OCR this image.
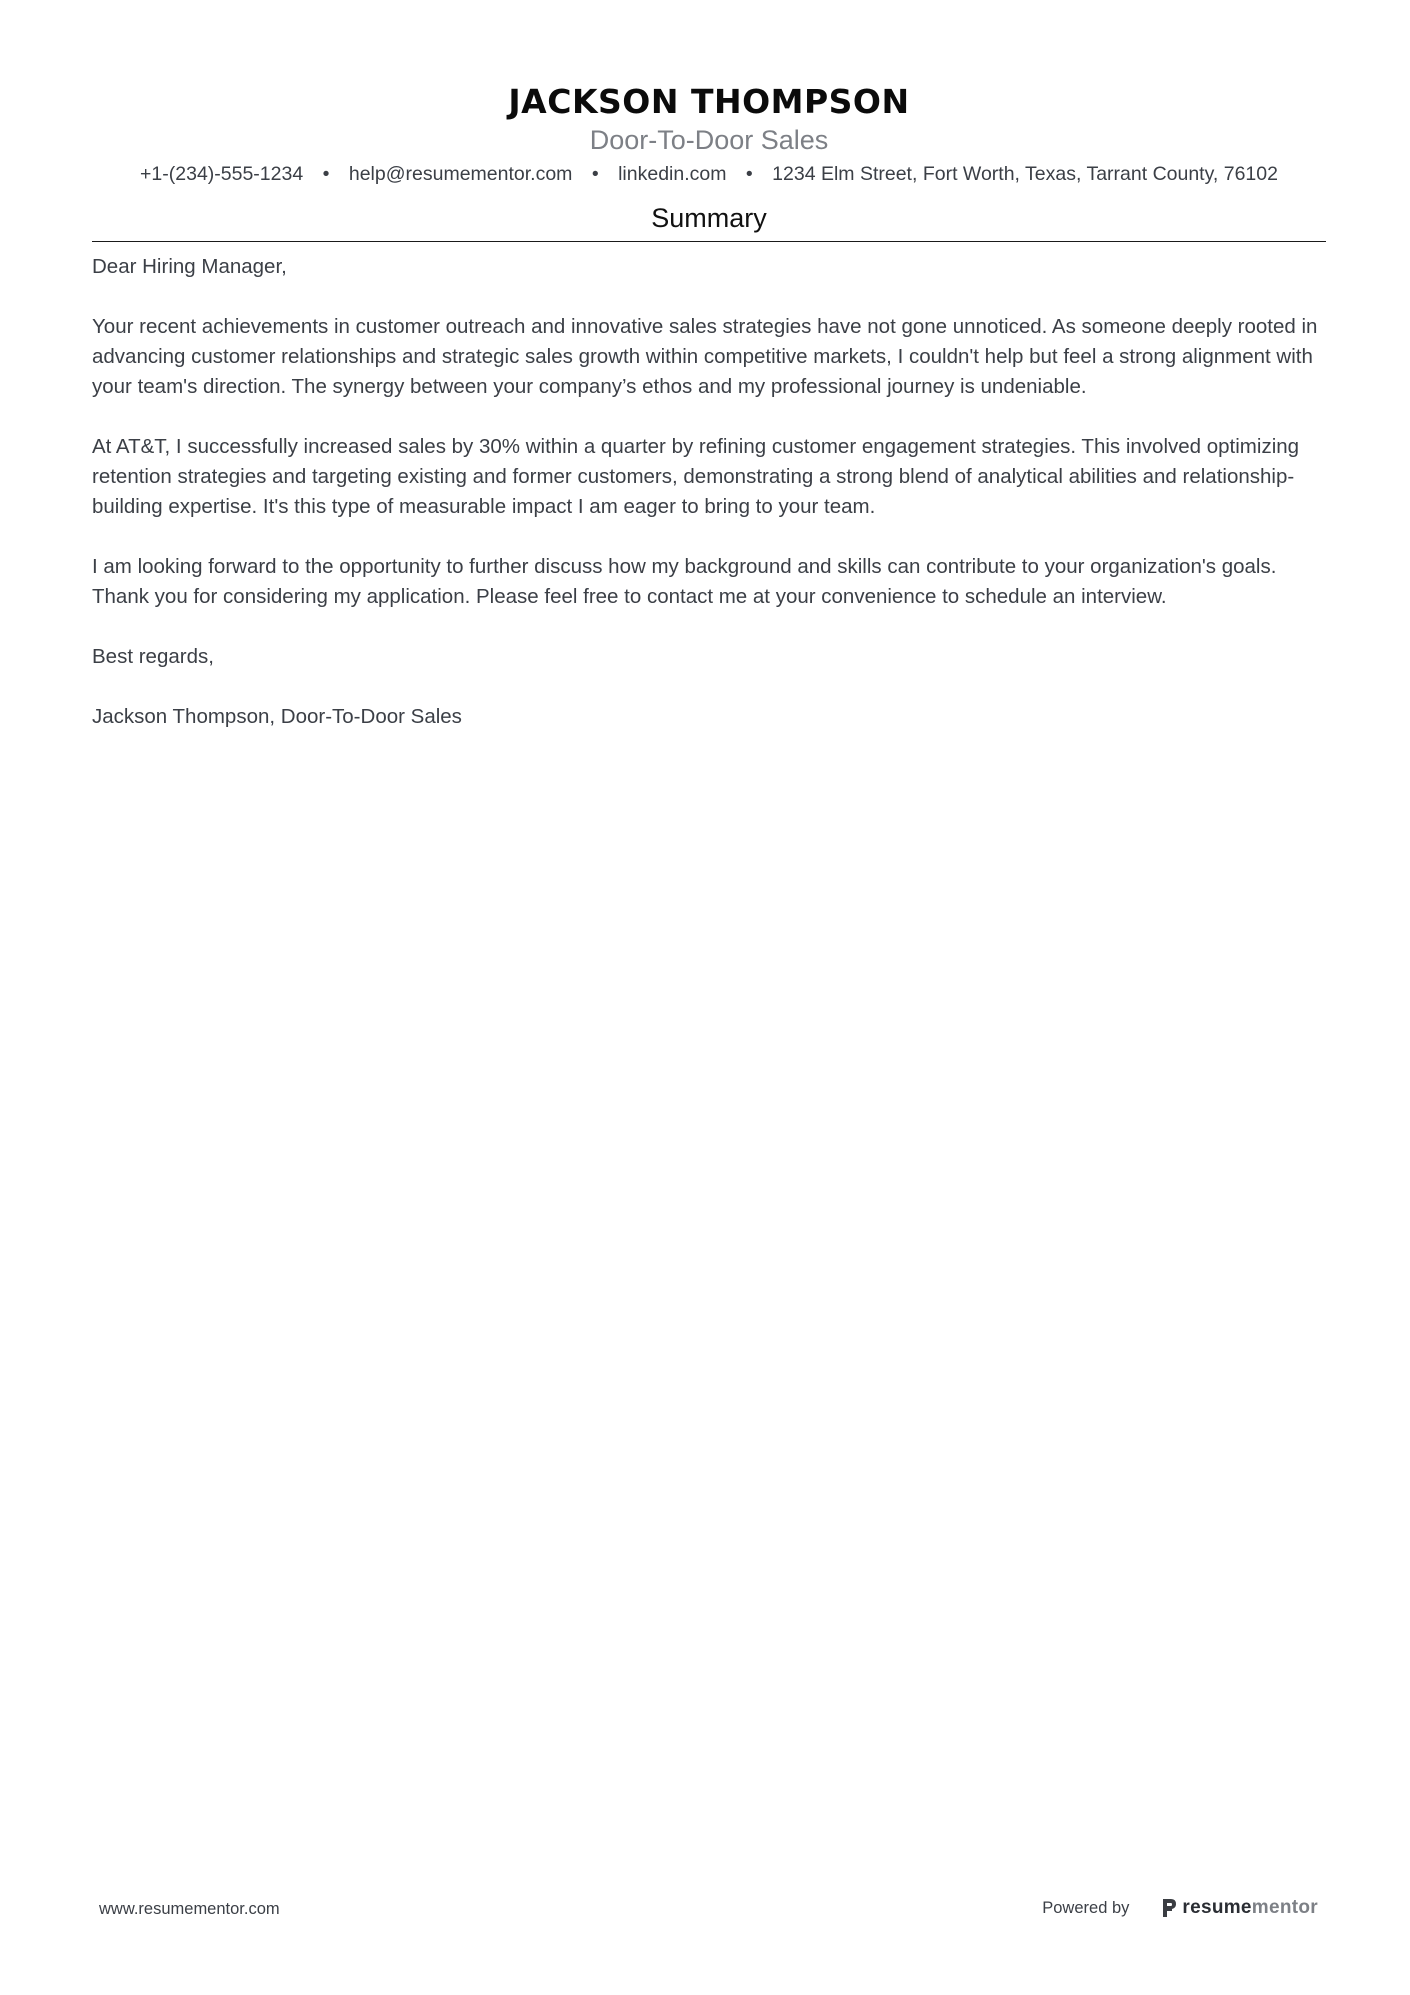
JACKSON THOMPSON
Door-To-Door Sales
+1-(234)-555-1234 • help@resumementor.com • linkedin.com • 1234 Elm Street, Fort Worth, Texas, Tarrant County, 76102
Summary

Dear Hiring Manager,

Your recent achievements in customer outreach and innovative sales strategies have not gone unnoticed. As someone deeply rooted in advancing customer relationships and strategic sales growth within competitive markets, I couldn't help but feel a strong alignment with your team's direction. The synergy between your company’s ethos and my professional journey is undeniable.

At AT&T, I successfully increased sales by 30% within a quarter by refining customer engagement strategies. This involved optimizing retention strategies and targeting existing and former customers, demonstrating a strong blend of analytical abilities and relationship-building expertise. It's this type of measurable impact I am eager to bring to your team.

I am looking forward to the opportunity to further discuss how my background and skills can contribute to your organization's goals. Thank you for considering my application. Please feel free to contact me at your convenience to schedule an interview.

Best regards,

Jackson Thompson, Door-To-Door Sales

www.resumementor.com	Powered by	resume mentor
